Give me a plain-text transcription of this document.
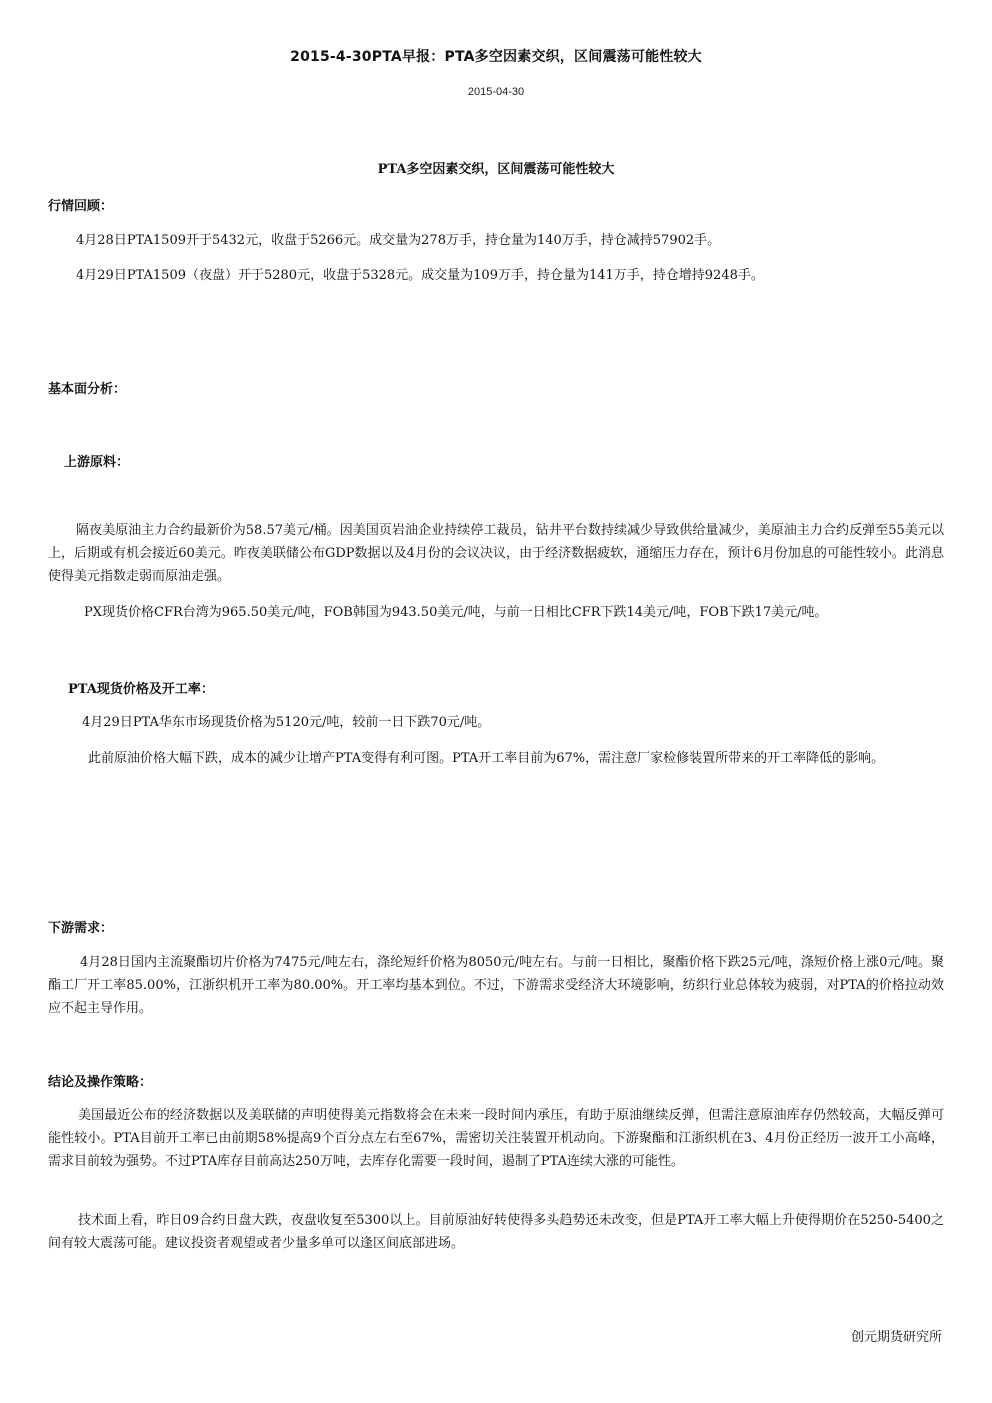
2015-4-30PTA早报：PTA多空因素交织，区间震荡可能性较大
2015-04-30
PTA多空因素交织，区间震荡可能性较大
行情回顾：
4月28日PTA1509开于5432元，收盘于5266元。成交量为278万手，持仓量为140万手，持仓减持57902手。
4月29日PTA1509（夜盘）开于5280元，收盘于5328元。成交量为109万手，持仓量为141万手，持仓增持9248手。
基本面分析：
上游原料：
隔夜美原油主力合约最新价为58.57美元/桶。因美国页岩油企业持续停工裁员，钻井平台数持续减少导致供给量减少，美原油主力合约反弹至55美元以上，后期或有机会接近60美元。昨夜美联储公布GDP数据以及4月份的会议决议，由于经济数据疲软，通缩压力存在，预计6月份加息的可能性较小。此消息使得美元指数走弱而原油走强。
PX现货价格CFR台湾为965.50美元/吨，FOB韩国为943.50美元/吨，与前一日相比CFR下跌14美元/吨，FOB下跌17美元/吨。
PTA现货价格及开工率：
4月29日PTA华东市场现货价格为5120元/吨，较前一日下跌70元/吨。
此前原油价格大幅下跌，成本的减少让增产PTA变得有利可图。PTA开工率目前为67%，需注意厂家检修装置所带来的开工率降低的影响。
下游需求：
4月28日国内主流聚酯切片价格为7475元/吨左右，涤纶短纤价格为8050元/吨左右。与前一日相比，聚酯价格下跌25元/吨，涤短价格上涨0元/吨。聚酯工厂开工率85.00%，江浙织机开工率为80.00%。开工率均基本到位。不过，下游需求受经济大环境影响，纺织行业总体较为疲弱，对PTA的价格拉动效应不起主导作用。
结论及操作策略：
美国最近公布的经济数据以及美联储的声明使得美元指数将会在未来一段时间内承压，有助于原油继续反弹，但需注意原油库存仍然较高，大幅反弹可能性较小。PTA目前开工率已由前期58%提高9个百分点左右至67%，需密切关注装置开机动向。下游聚酯和江浙织机在3、4月份正经历一波开工小高峰，需求目前较为强势。不过PTA库存目前高达250万吨，去库存化需要一段时间，遏制了PTA连续大涨的可能性。
技术面上看，昨日09合约日盘大跌，夜盘收复至5300以上。目前原油好转使得多头趋势还未改变，但是PTA开工率大幅上升使得期价在5250-5400之间有较大震荡可能。建议投资者观望或者少量多单可以逢区间底部进场。
创元期货研究所
